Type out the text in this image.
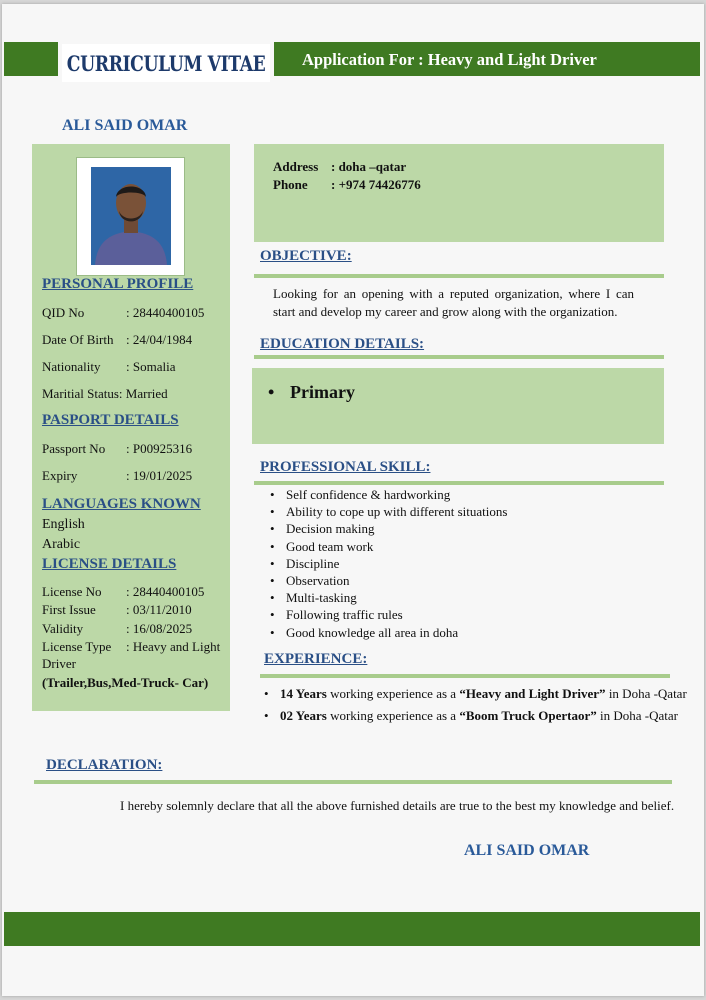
CURRICULUM VITAE Application For : Heavy and Light Driver
ALI SAID OMAR
PERSONAL PROFILE
QID No	: 28440400105
Date Of Birth : 24/04/1984
Nationality : Somalia
Maritial Status: Married
PASPORT DETAILS
Passport No : P00925316
Expiry	: 19/01/2025
LANGUAGES KNOWN
English
Arabic
LICENSE DETAILS
License No : 28440400105
First Issue : 03/11/2010
Validity	: 16/08/2025
License Type : Heavy and Light
Driver
(Trailer,Bus,Med-Truck- Car)
Address : doha –qatar
Phone : +974 74426776
OBJECTIVE:
Looking for an opening with a reputed organization, where I can start and develop my career and grow along with the organization.
EDUCATION DETAILS:
• Primary
PROFESSIONAL SKILL:
• Self confidence & hardworking
• Ability to cope up with different situations
• Decision making
• Good team work
• Discipline
• Observation
• Multi-tasking
• Following traffic rules
• Good knowledge all area in doha
EXPERIENCE:
• 14 Years working experience as a “Heavy and Light Driver” in Doha -Qatar
• 02 Years working experience as a “Boom Truck Opertaor” in Doha -Qatar
DECLARATION:
I hereby solemnly declare that all the above furnished details are true to the best my knowledge and belief.
ALI SAID OMAR
